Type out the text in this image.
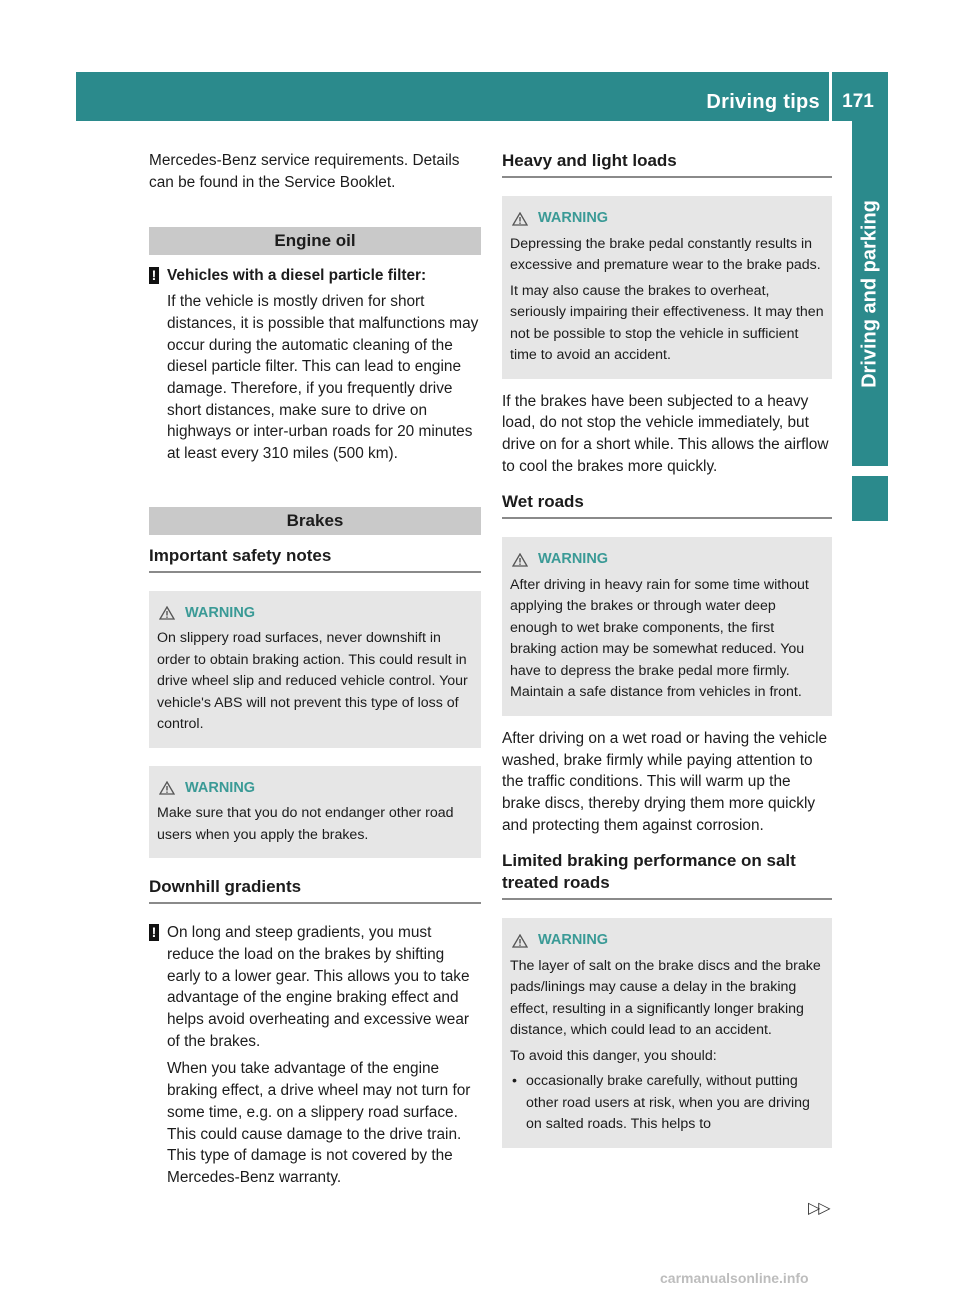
Driving tips	171
Driving and parking

Mercedes-Benz service requirements. Details can be found in the Service Booklet.

Engine oil
! Vehicles with a diesel particle filter:
If the vehicle is mostly driven for short distances, it is possible that malfunctions may occur during the automatic cleaning of the diesel particle filter. This can lead to engine damage. Therefore, if you frequently drive short distances, make sure to drive on highways or inter-urban roads for 20 minutes at least every 310 miles (500 km).
Brakes
Important safety notes
WARNING

On slippery road surfaces, never downshift in order to obtain braking action. This could result in drive wheel slip and reduced vehicle control. Your vehicle's ABS will not prevent this type of loss of control.

WARNING

Make sure that you do not endanger other road users when you apply the brakes.

Downhill gradients
! On long and steep gradients, you must reduce the load on the brakes by shifting early to a lower gear. This allows you to take advantage of the engine braking effect and helps avoid overheating and excessive wear of the brakes.

When you take advantage of the engine braking effect, a drive wheel may not turn for some time, e.g. on a slippery road surface. This could cause damage to the drive train. This type of damage is not covered by the Mercedes-Benz warranty.

Heavy and light loads
WARNING

Depressing the brake pedal constantly results in excessive and premature wear to the brake pads.

It may also cause the brakes to overheat, seriously impairing their effectiveness. It may then not be possible to stop the vehicle in sufficient time to avoid an accident.

If the brakes have been subjected to a heavy load, do not stop the vehicle immediately, but drive on for a short while. This allows the airflow to cool the brakes more quickly.

Wet roads
WARNING

After driving in heavy rain for some time without applying the brakes or through water deep enough to wet brake components, the first braking action may be somewhat reduced. You have to depress the brake pedal more firmly. Maintain a safe distance from vehicles in front.

After driving on a wet road or having the vehicle washed, brake firmly while paying attention to the traffic conditions. This will warm up the brake discs, thereby drying them more quickly and protecting them against corrosion.

Limited braking performance on salt treated roads
WARNING

The layer of salt on the brake discs and the brake pads/linings may cause a delay in the braking effect, resulting in a significantly longer braking distance, which could lead to an accident.

To avoid this danger, you should:

• occasionally brake carefully, without putting other road users at risk, when you are driving on salted roads. This helps to

▷▷
carmanualsonline.info
